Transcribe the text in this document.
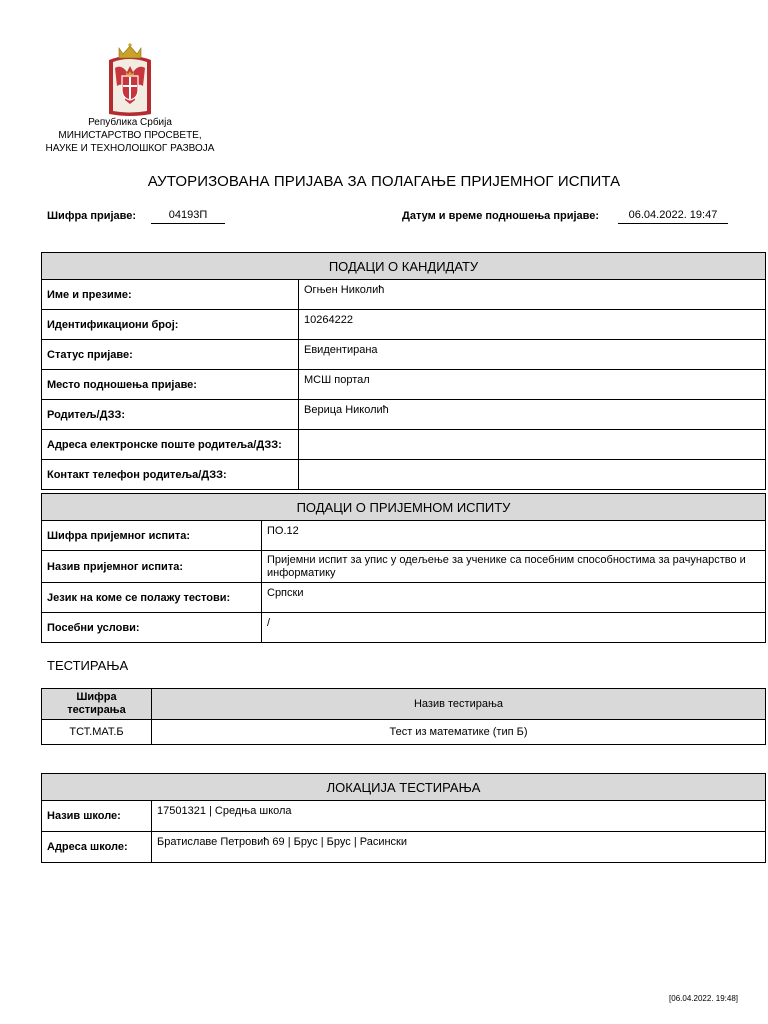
Република Србија
МИНИСТАРСТВО ПРОСВЕТЕ,
НАУКЕ И ТЕХНОЛОШКОГ РАЗВОЈА
АУТОРИЗОВАНА ПРИЈАВА ЗА ПОЛАГАЊЕ ПРИЈЕМНОГ ИСПИТА
Шифра пријаве:	04193П	Датум и време подношења пријаве:	06.04.2022. 19:47
ПОДАЦИ О КАНДИДАТУ	
Име и презиме:	Огњен Николић
Идентификациони број:	10264222
Статус пријаве:	Евидентирана
Место подношења пријаве:	МСШ портал
Родитељ/ДЗЗ:	Верица Николић
Адреса електронске поште родитеља/ДЗЗ:	
Контакт телефон родитеља/ДЗЗ:	
ПОДАЦИ О ПРИЈЕМНОМ ИСПИТУ	
Шифра пријемног испита:	ПО.12
Назив пријемног испита:	Пријемни испит за упис у одељење за ученике са посебним способностима за рачунарство и информатику
Језик на коме се полажу тестови:	Српски
Посебни услови:	/
ТЕСТИРАЊА
Шифра тестирања	Назив тестирања
ТСТ.МАТ.Б	Тест из математике (тип Б)
ЛОКАЦИЈА ТЕСТИРАЊА	
Назив школе:	17501321 | Средња школа
Адреса школе:	Братиславе Петровић 69 | Брус | Брус | Расински
[06.04.2022. 19:48]
